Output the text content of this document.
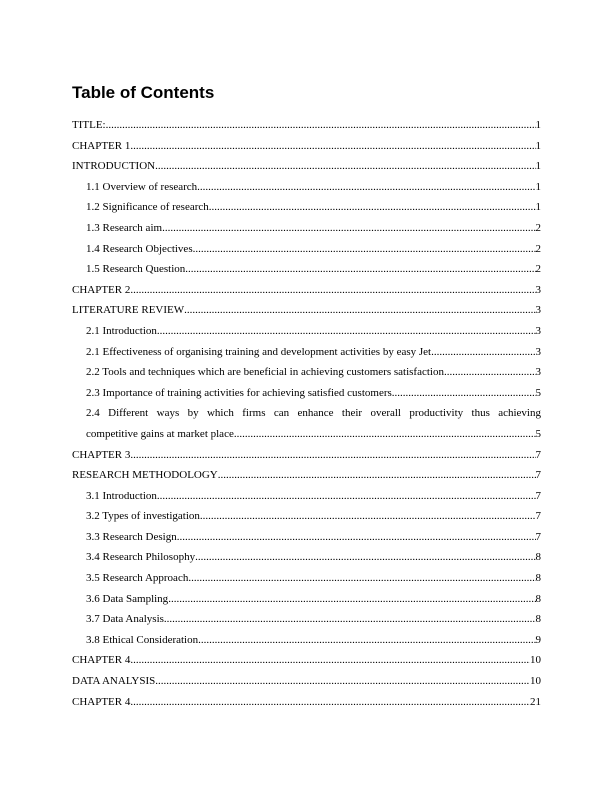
Table of Contents
TITLE: .....	1
CHAPTER 1 .....	1
INTRODUCTION .....	1
1.1 Overview of research .....	1
1.2 Significance of research .....	1
1.3 Research aim .....	2
1.4 Research Objectives .....	2
1.5 Research Question .....	2
CHAPTER 2 .....	3
LITERATURE REVIEW .....	3
2.1 Introduction .....	3
2.1 Effectiveness of organising training and development activities by easy Jet .....	3
2.2 Tools and techniques which are beneficial in achieving customers satisfaction .....	3
2.3 Importance of training activities for achieving satisfied customers .....	5
2.4 Different ways by which firms can enhance their overall productivity thus achieving
competitive gains at market place .....	5
CHAPTER 3 .....	7
RESEARCH METHODOLOGY .....	7
3.1 Introduction .....	7
3.2 Types of investigation .....	7
3.3 Research Design .....	7
3.4 Research Philosophy .....	8
3.5 Research Approach .....	8
3.6 Data Sampling .....	8
3.7 Data Analysis .....	8
3.8 Ethical Consideration .....	9
CHAPTER 4 .....	10
DATA ANALYSIS .....	10
CHAPTER 4 .....	21
